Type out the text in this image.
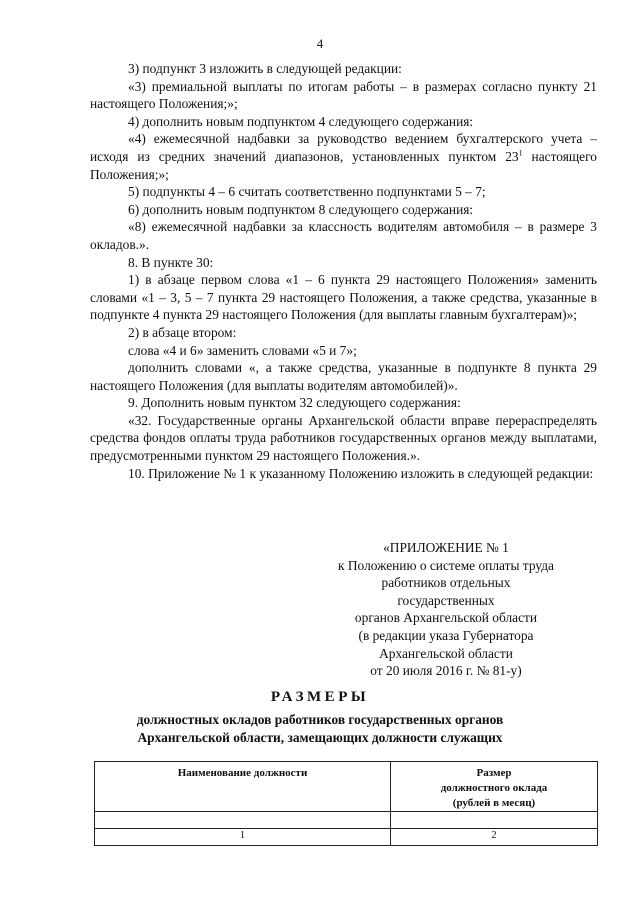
4

3) подпункт 3 изложить в следующей редакции:

«3) премиальной выплаты по итогам работы – в размерах согласно пункту 21 настоящего Положения;»;

4) дополнить новым подпунктом 4 следующего содержания:

«4) ежемесячной надбавки за руководство ведением бухгалтерского учета – исходя из средних значений диапазонов, установленных пунктом $23^1$ настоящего Положения;»;

5) подпункты 4 – 6 считать соответственно подпунктами 5 – 7;

6) дополнить новым подпунктом 8 следующего содержания:

«8) ежемесячной надбавки за классность водителям автомобиля – в размере 3 окладов.».

8. В пункте 30:

1) в абзаце первом слова «1 – 6 пункта 29 настоящего Положения» заменить словами «1 – 3, 5 – 7 пункта 29 настоящего Положения, а также средства, указанные в подпункте 4 пункта 29 настоящего Положения (для выплаты главным бухгалтерам)»;

2) в абзаце втором:

слова «4 и 6» заменить словами «5 и 7»;

дополнить словами «, а также средства, указанные в подпункте 8 пункта 29 настоящего Положения (для выплаты водителям автомобилей)».

9. Дополнить новым пунктом 32 следующего содержания:

«32. Государственные органы Архангельской области вправе перераспределять средства фондов оплаты труда работников государственных органов между выплатами, предусмотренными пунктом 29 настоящего Положения.».

10. Приложение № 1 к указанному Положению изложить в следующей редакции:

«ПРИЛОЖЕНИЕ № 1
к Положению о системе оплаты труда
работников отдельных
государственных
органов Архангельской области
(в редакции указа Губернатора
Архангельской области
от 20 июля 2016 г. № 81-у)
РАЗМЕРЫ
должностных окладов работников государственных органов
Архангельской области, замещающих должности служащих
Наименование должности	Размер
должностного оклада
(рублей в месяц)

1	2
